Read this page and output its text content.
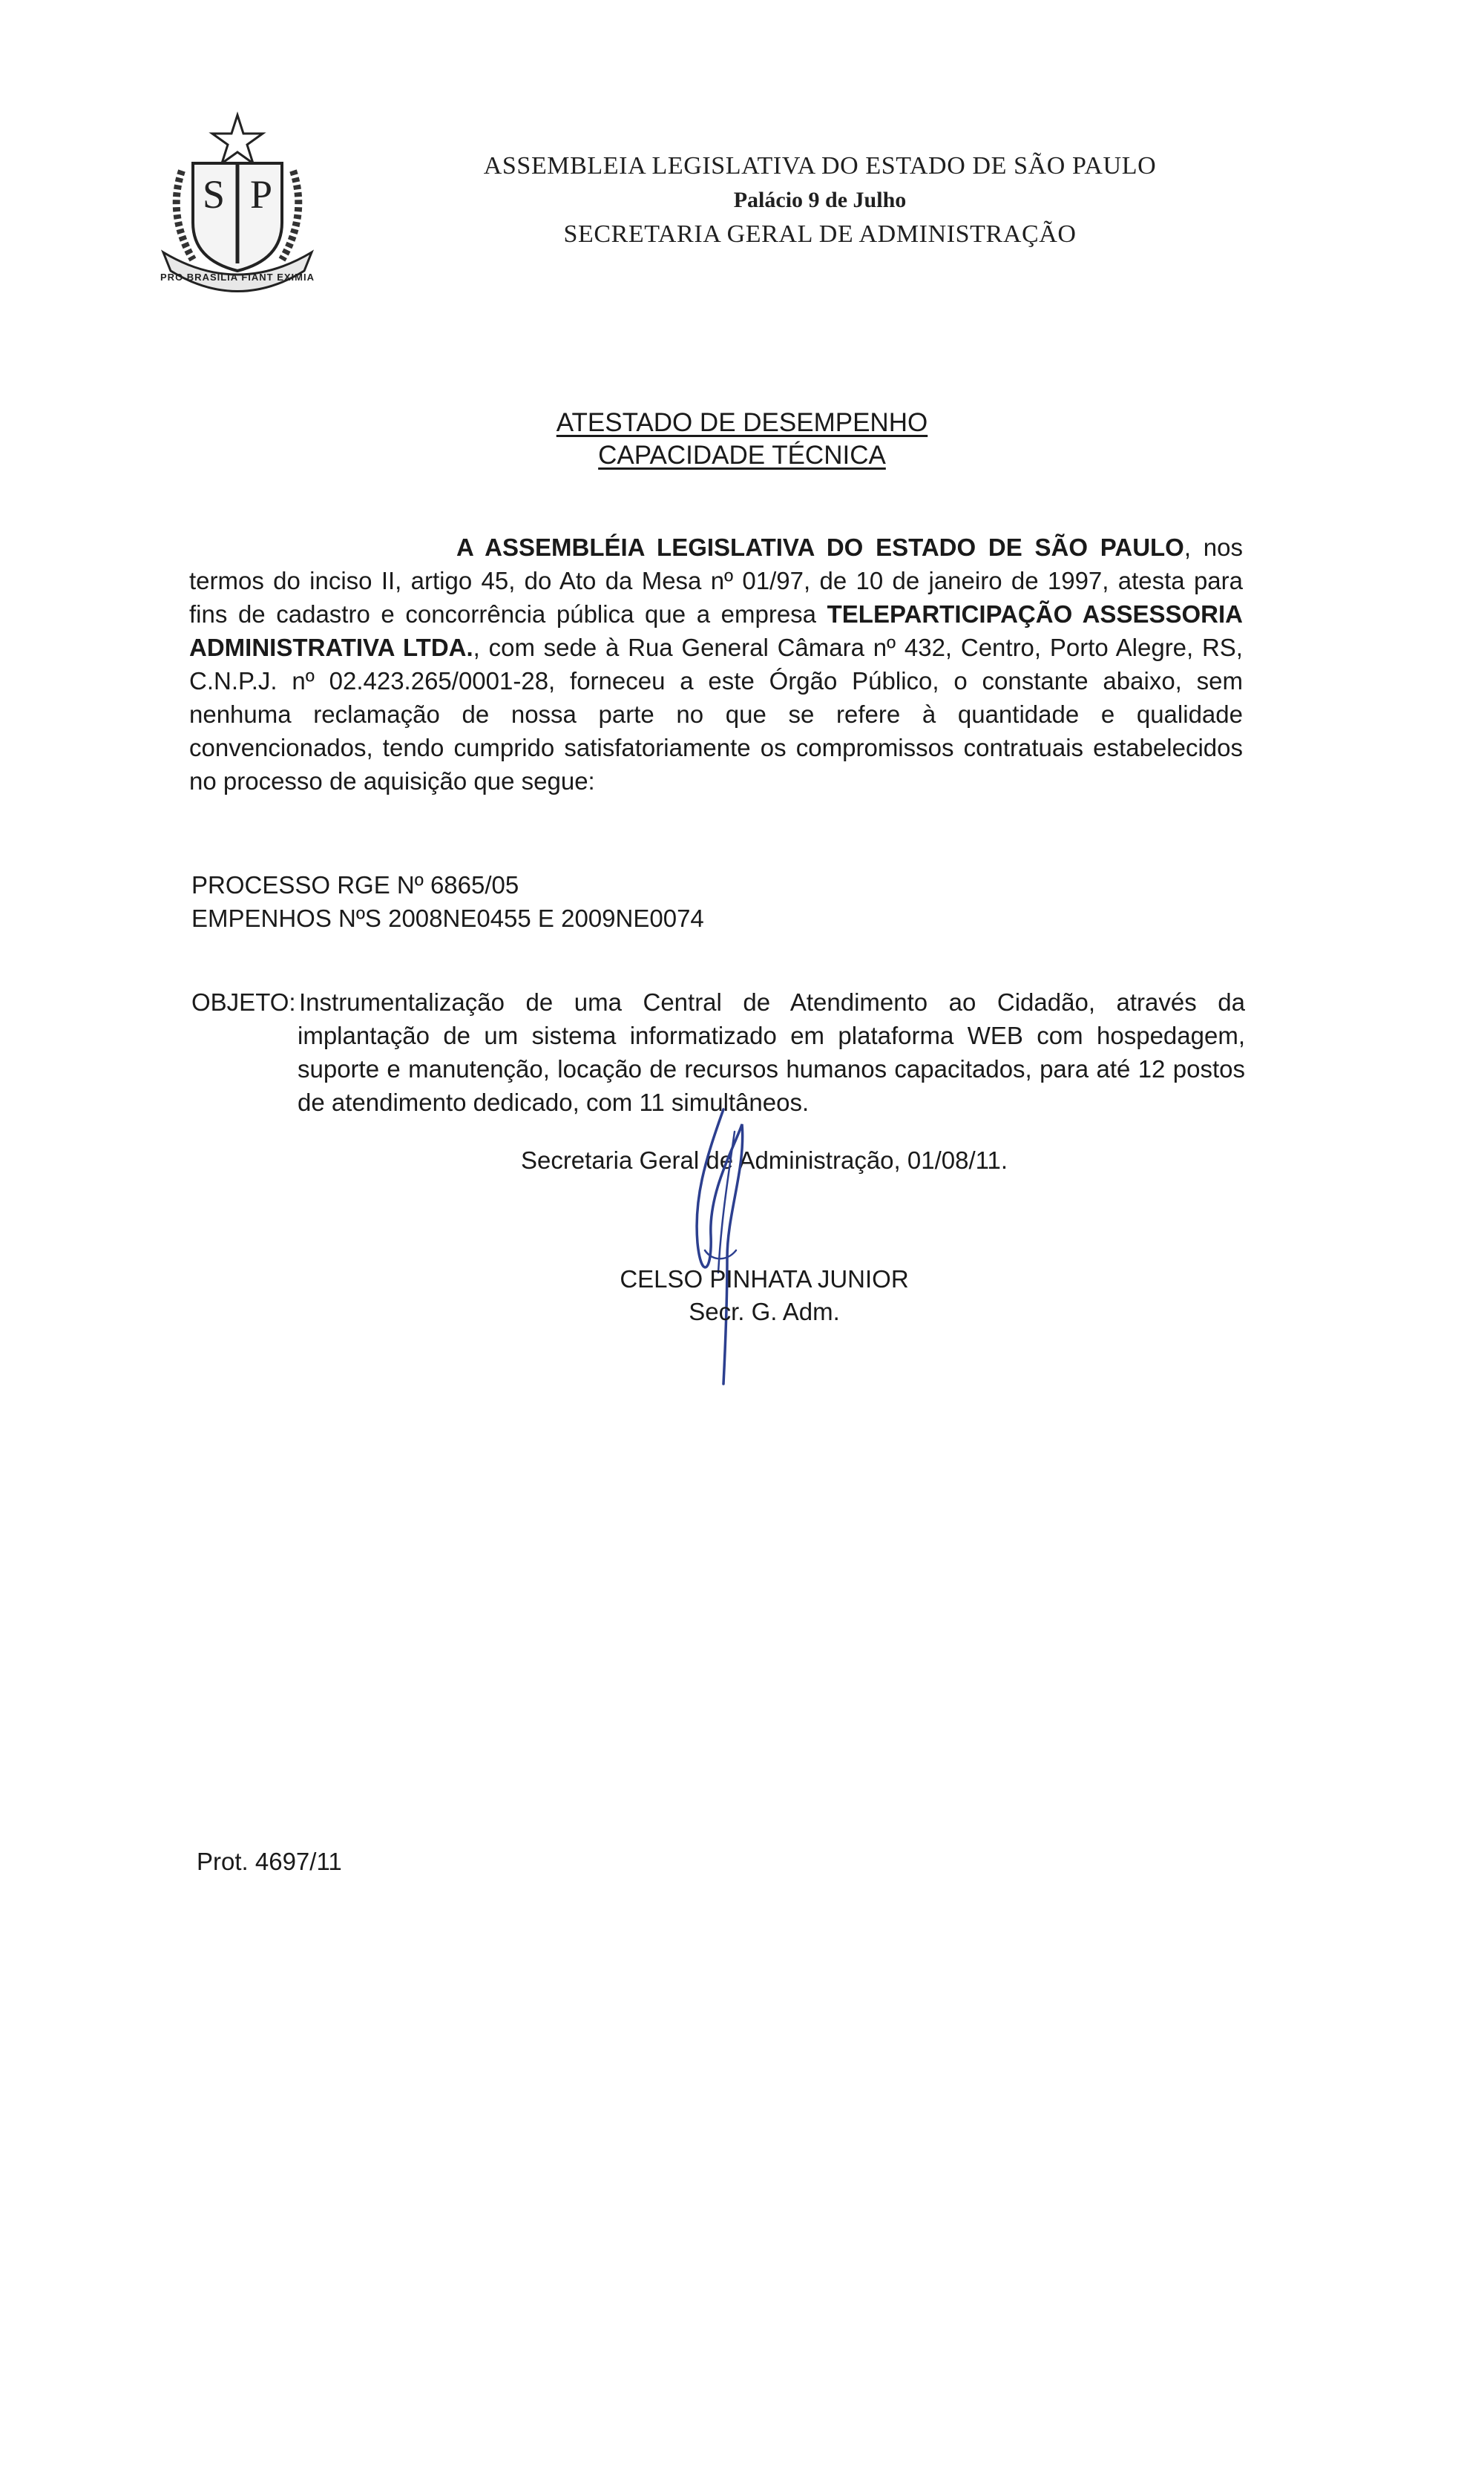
S P
PRO BRASILIA FIANT EXIMIA
ASSEMBLEIA LEGISLATIVA DO ESTADO DE SÃO PAULO
Palácio 9 de Julho
SECRETARIA GERAL DE ADMINISTRAÇÃO
ATESTADO DE DESEMPENHO
CAPACIDADE TÉCNICA
A ASSEMBLÉIA LEGISLATIVA DO ESTADO DE SÃO PAULO, nos termos do inciso II, artigo 45, do Ato da Mesa nº 01/97, de 10 de janeiro de 1997, atesta para fins de cadastro e concorrência pública que a empresa TELEPARTICIPAÇÃO ASSESSORIA ADMINISTRATIVA LTDA., com sede à Rua General Câmara nº 432, Centro, Porto Alegre, RS, C.N.P.J. nº 02.423.265/0001-28, forneceu a este Órgão Público, o constante abaixo, sem nenhuma reclamação de nossa parte no que se refere à quantidade e qualidade convencionados, tendo cumprido satisfatoriamente os compromissos contratuais estabelecidos no processo de aquisição que segue:
PROCESSO RGE Nº 6865/05
EMPENHOS NºS 2008NE0455 E 2009NE0074
OBJETO: Instrumentalização de uma Central de Atendimento ao Cidadão, através da
implantação de um sistema informatizado em plataforma WEB com hospedagem, suporte e manutenção, locação de recursos humanos capacitados, para até 12 postos de atendimento dedicado, com 11 simultâneos.
Secretaria Geral de Administração, 01/08/11.
CELSO PINHATA JUNIOR
Secr. G. Adm.
Prot. 4697/11
